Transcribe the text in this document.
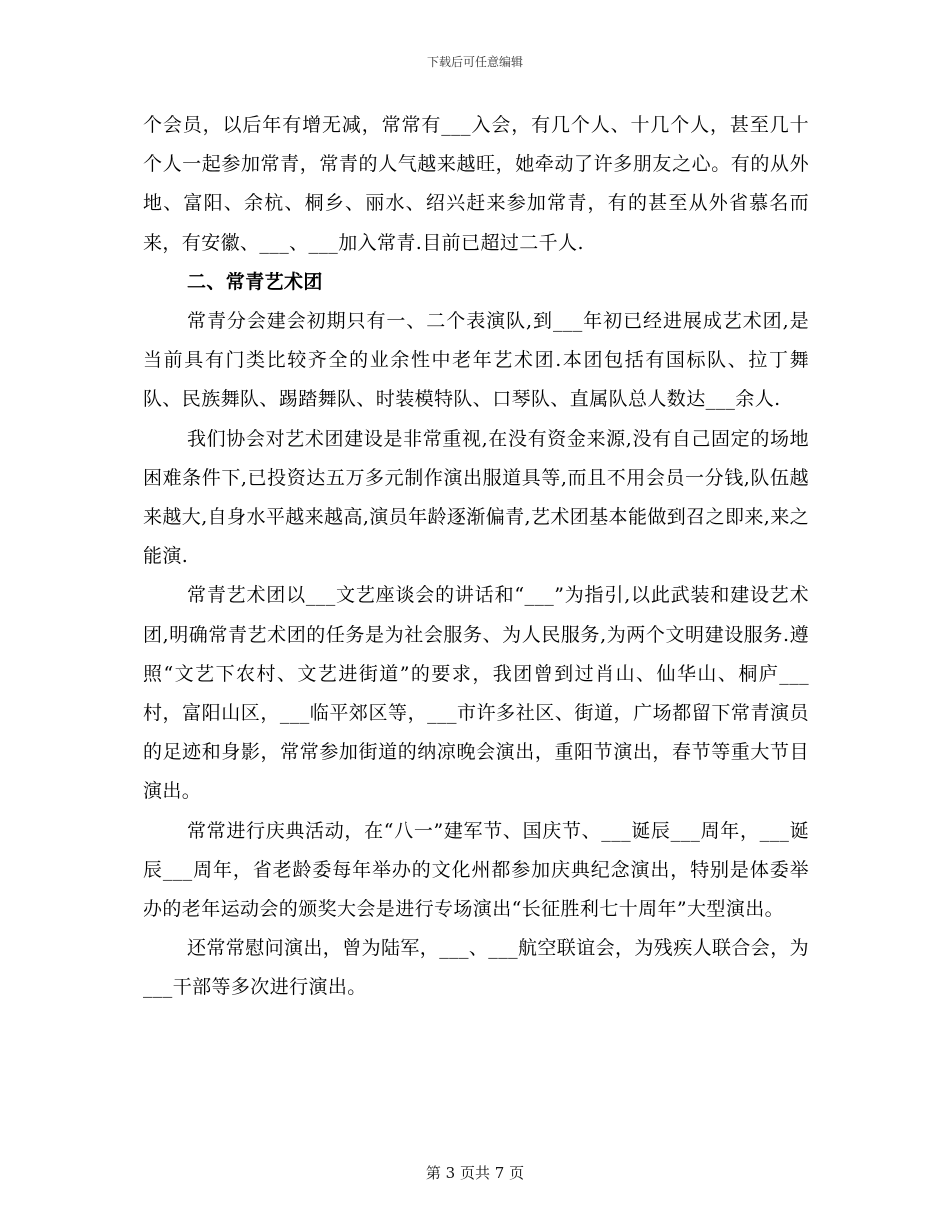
下载后可任意编辑

个会员，以后年有增无减，常常有___入会，有几个人、十几个人，甚至几十个人一起参加常青，常青的人气越来越旺，她牵动了许多朋友之心。有的从外地、富阳、余杭、桐乡、丽水、绍兴赶来参加常青，有的甚至从外省慕名而来，有安徽、___、___加入常青.目前已超过二千人.

二、常青艺术团

常青分会建会初期只有一、二个表演队,到___年初已经进展成艺术团,是当前具有门类比较齐全的业余性中老年艺术团.本团包括有国标队、拉丁舞队、民族舞队、踢踏舞队、时装模特队、口琴队、直属队总人数达___余人.

我们协会对艺术团建设是非常重视,在没有资金来源,没有自己固定的场地困难条件下,已投资达五万多元制作演出服道具等,而且不用会员一分钱,队伍越来越大,自身水平越来越高,演员年龄逐渐偏青,艺术团基本能做到召之即来,来之能演.

常青艺术团以___文艺座谈会的讲话和“___”为指引,以此武装和建设艺术团,明确常青艺术团的任务是为社会服务、为人民服务,为两个文明建设服务.遵照“文艺下农村、文艺进街道”的要求，我团曾到过肖山、仙华山、桐庐___村，富阳山区，___临平郊区等，___市许多社区、街道，广场都留下常青演员的足迹和身影，常常参加街道的纳凉晚会演出，重阳节演出，春节等重大节目演出。

常常进行庆典活动，在“八一”建军节、国庆节、___诞辰___周年，___诞辰___周年，省老龄委每年举办的文化州都参加庆典纪念演出，特别是体委举办的老年运动会的颁奖大会是进行专场演出“长征胜利七十周年”大型演出。

还常常慰问演出，曾为陆军，___、___航空联谊会，为残疾人联合会，为___干部等多次进行演出。

第 3 页共 7 页
